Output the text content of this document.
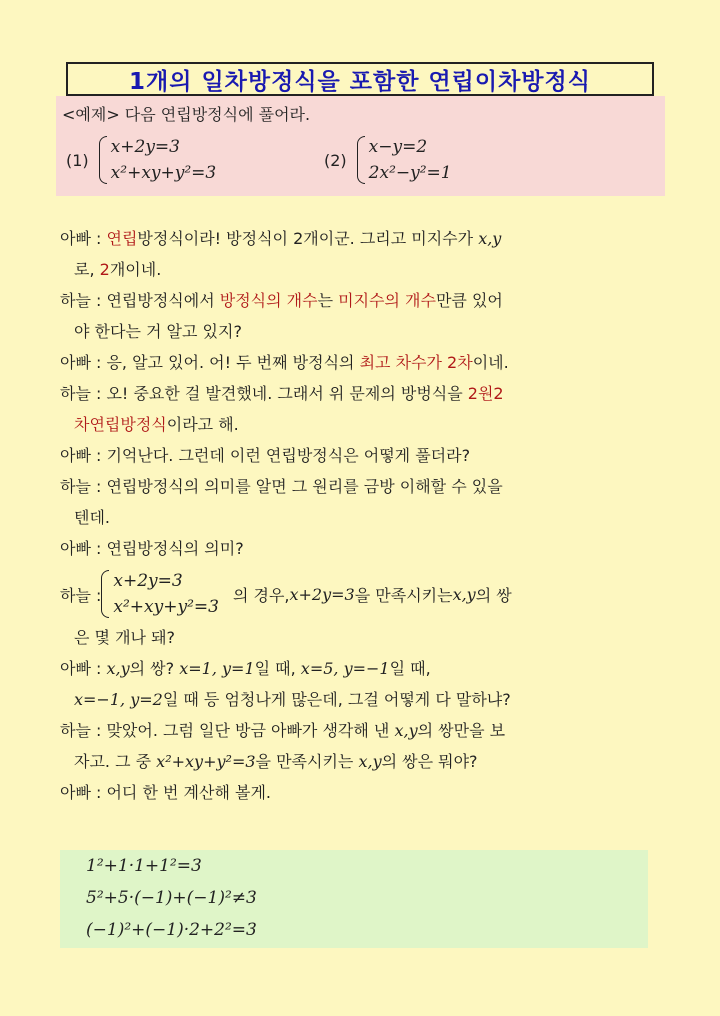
1개의 일차방정식을 포함한 연립이차방정식
<예제> 다음 연립방정식에 풀어라.
(1)
x+2y=3
x²+xy+y²=3
(2)
x−y=2
2x²−y²=1
아빠 : 연립방정식이라! 방정식이 2개이군. 그리고 미지수가 x,y
로, 2개이네.
하늘 : 연립방정식에서 방정식의 개수는 미지수의 개수만큼 있어
야 한다는 거 알고 있지?
아빠 : 응, 알고 있어. 어! 두 번째 방정식의 최고 차수가 2차이네.
하늘 : 오! 중요한 걸 발견했네. 그래서 위 문제의 방벙식을 2원2
차연립방정식이라고 해.
아빠 : 기억난다. 그런데 이런 연립방정식은 어떻게 풀더라?
하늘 : 연립방정식의 의미를 알면 그 원리를 금방 이해할 수 있을
텐데.
아빠 : 연립방정식의 의미?
하늘 :
x+2y=3
x²+xy+y²=3
의 경우, x+2y=3 을 만족시키는 x,y 의 쌍
은 몇 개나 돼?
아빠 : x,y의 쌍? x=1, y=1일 때, x=5, y=−1일 때,
x=−1, y=2일 때 등 엄청나게 많은데, 그걸 어떻게 다 말하냐?
하늘 : 맞았어. 그럼 일단 방금 아빠가 생각해 낸 x,y의 쌍만을 보
자고. 그 중 x²+xy+y²=3을 만족시키는 x,y의 쌍은 뭐야?
아빠 : 어디 한 번 계산해 볼게.
1²+1·1+1²=3
5²+5·(−1)+(−1)²≠3
(−1)²+(−1)·2+2²=3
